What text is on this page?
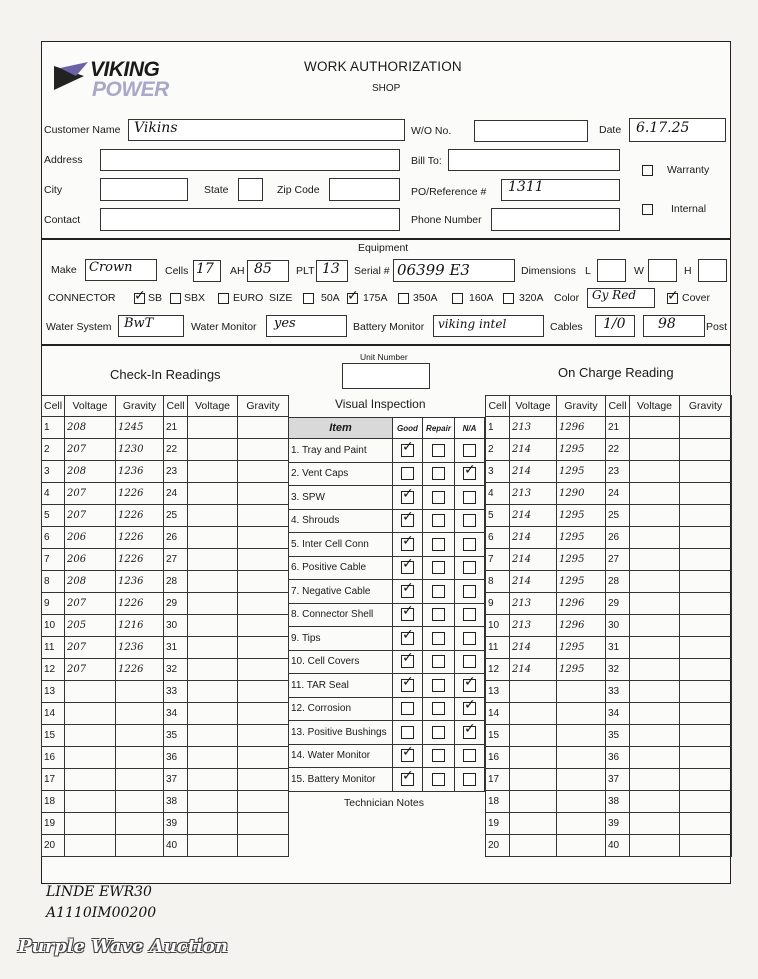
VIKING
POWER
WORK AUTHORIZATION
SHOP
Customer Name Vikins	W/O No.	Date 6.17.25
Address	Bill To:
Warranty
City	State	Zip Code	PO/Reference # 1311
Internal
Contact	Phone Number
Equipment
Make Crown	Cells 17 AH 85 PLT 13 Serial # 06399 E3	Dimensions L	W	H
CONNECTOR ✓ SB SBX	EURO SIZE	50A ✓ 175A 350A	160A 320A Color Gy Red ✓ Cover
Water System BwT	Water Monitor yes	Battery Monitor viking intel	Cables 1/0 98	Post
Unit Number
Check-In Readings	On Charge Reading
Visual Inspection
Cell	Voltage	Gravity	Cell	Voltage	Gravity
1	208	1245	21		
2	207	1230	22		
3	208	1236	23		
4	207	1226	24		
5	207	1226	25		
6	206	1226	26		
7	206	1226	27		
8	208	1236	28		
9	207	1226	29		
10	205	1216	30		
11	207	1236	31		
12	207	1226	32		
13			33		
14			34		
15			35		
16			36		
17			37		
18			38		
19			39		
20			40		
Item	Good	Repair	N/A
1. Tray and Paint	✓		

2. Vent Caps			✓

3. SPW	✓		

4. Shrouds	✓		

5. Inter Cell Conn	✓		

6. Positive Cable	✓		

7. Negative Cable	✓		

8. Connector Shell	✓		

9. Tips	✓		

10. Cell Covers	✓		

11. TAR Seal	✓		✓

12. Corrosion			✓

13. Positive Bushings			✓

14. Water Monitor	✓		

15. Battery Monitor	✓		

Technician Notes
Cell	Voltage	Gravity	Cell	Voltage	Gravity
1	213	1296	21		
2	214	1295	22		
3	214	1295	23		
4	213	1290	24		
5	214	1295	25		
6	214	1295	26		
7	214	1295	27		
8	214	1295	28		
9	213	1296	29		
10	213	1296	30		
11	214	1295	31		
12	214	1295	32		
13			33		
14			34		
15			35		
16			36		
17			37		
18			38		
19			39		
20			40		
LINDE EWR30
A1110IM00200
Purple Wave Auction
